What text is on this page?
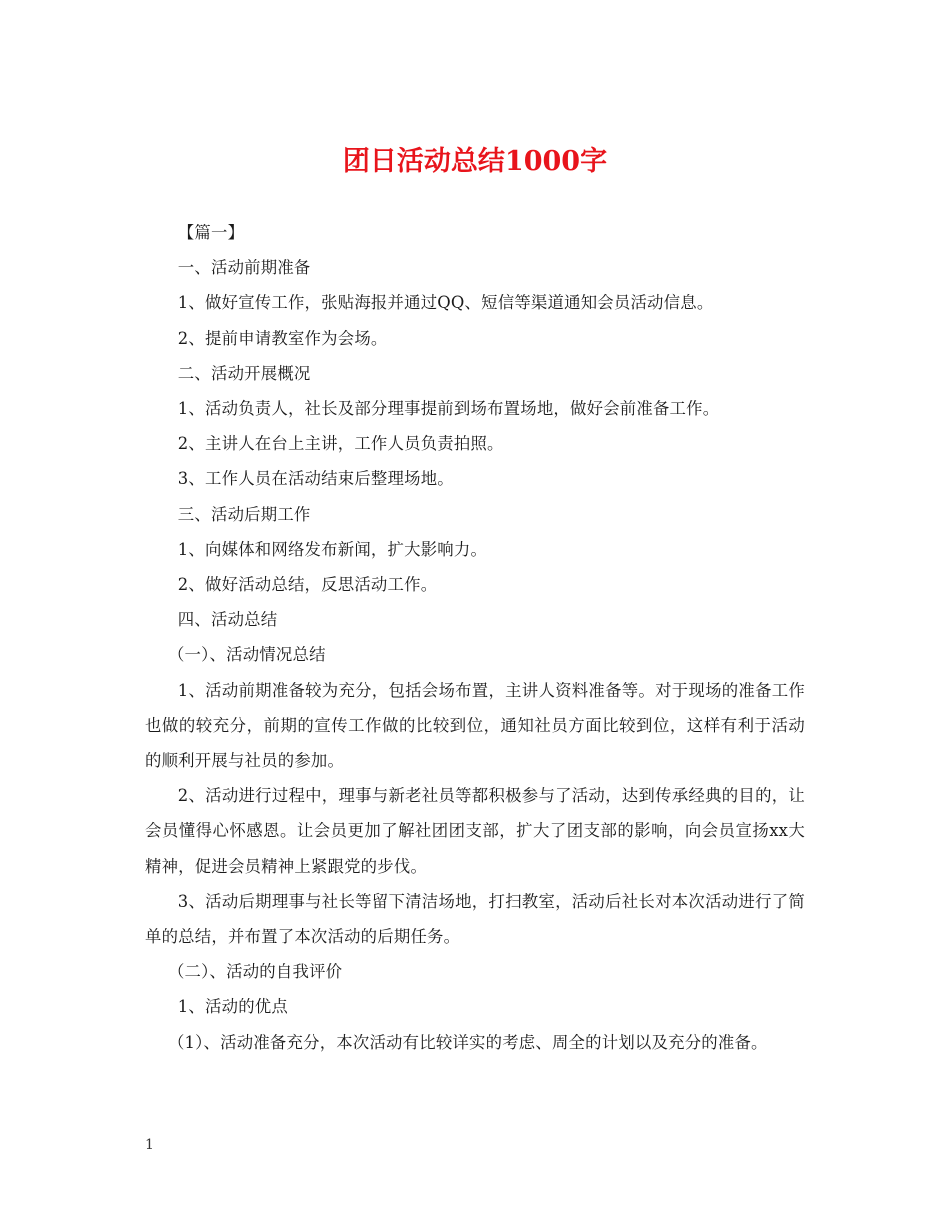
团日活动总结1000字

【篇一】

一、活动前期准备

1、做好宣传工作，张贴海报并通过QQ、短信等渠道通知会员活动信息。

2、提前申请教室作为会场。

二、活动开展概况

1、活动负责人，社长及部分理事提前到场布置场地，做好会前准备工作。

2、主讲人在台上主讲，工作人员负责拍照。

3、工作人员在活动结束后整理场地。

三、活动后期工作

1、向媒体和网络发布新闻，扩大影响力。

2、做好活动总结，反思活动工作。

四、活动总结

（一）、活动情况总结

1、活动前期准备较为充分，包括会场布置，主讲人资料准备等。对于现场的准备工作也做的较充分，前期的宣传工作做的比较到位，通知社员方面比较到位，这样有利于活动的顺利开展与社员的参加。

2、活动进行过程中，理事与新老社员等都积极参与了活动，达到传承经典的目的，让会员懂得心怀感恩。让会员更加了解社团团支部，扩大了团支部的影响，向会员宣扬xx大精神，促进会员精神上紧跟党的步伐。

3、活动后期理事与社长等留下清洁场地，打扫教室，活动后社长对本次活动进行了简单的总结，并布置了本次活动的后期任务。

（二）、活动的自我评价

1、活动的优点

（1）、活动准备充分，本次活动有比较详实的考虑、周全的计划以及充分的准备。

1
